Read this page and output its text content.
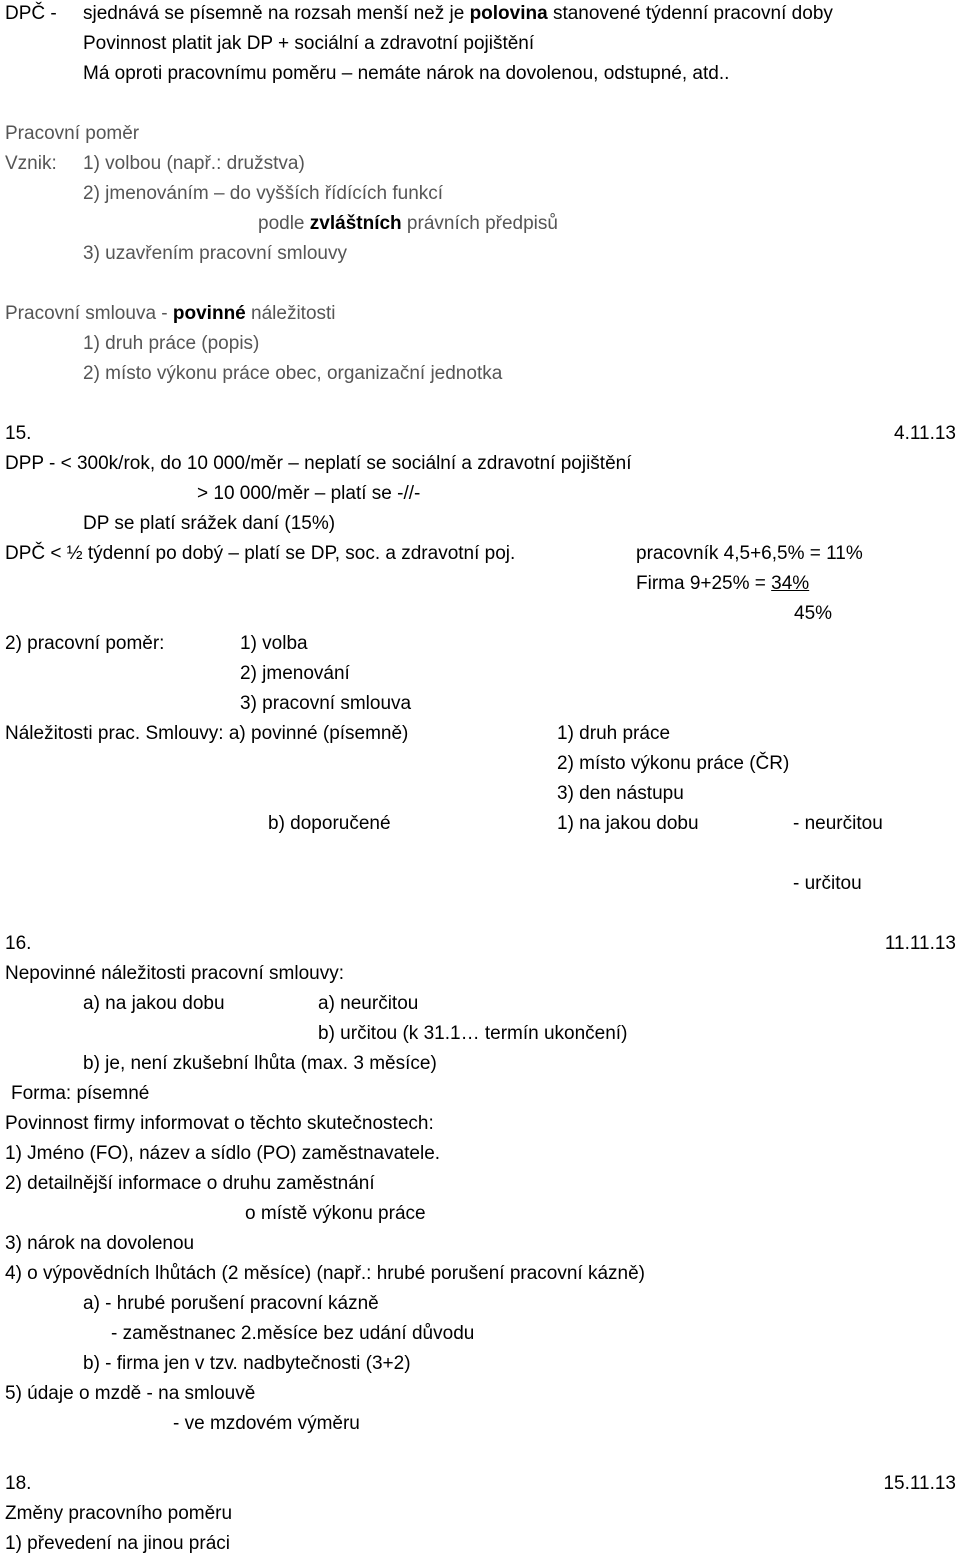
DPČ - sjednává se písemně na rozsah menší než je polovina stanovené týdenní pracovní doby
Povinnost platit jak DP + sociální a zdravotní pojištění
Má oproti pracovnímu poměru – nemáte nárok na dovolenou, odstupné, atd..
Pracovní poměr
Vznik: 1) volbou (např.: družstva)
2) jmenováním – do vyšších řídících funkcí
podle zvláštních právních předpisů
3) uzavřením pracovní smlouvy
Pracovní smlouva - povinné náležitosti
1) druh práce (popis)
2) místo výkonu práce obec, organizační jednotka
15.	4.11.13
DPP - < 300k/rok, do 10 000/měr – neplatí se sociální a zdravotní pojištění
> 10 000/měr – platí se -//-
DP se platí srážek daní (15%)
DPČ < ½ týdenní po dobý – platí se DP, soc. a zdravotní poj.	pracovník 4,5+6,5% = 11%
Firma 9+25% = 34%
45%
2) pracovní poměr:	1) volba
2) jmenování
3) pracovní smlouva
Náležitosti prac. Smlouvy: a) povinné (písemně)	1) druh práce
2) místo výkonu práce (ČR)
3) den nástupu
b) doporučené	1) na jakou dobu	- neurčitou
- určitou
16.	11.11.13
Nepovinné náležitosti pracovní smlouvy:
a) na jakou dobu	a) neurčitou
b) určitou (k 31.1… termín ukončení)
b) je, není zkušební lhůta (max. 3 měsíce)
Forma: písemné
Povinnost firmy informovat o těchto skutečnostech:
1) Jméno (FO), název a sídlo (PO) zaměstnavatele.
2) detailnější informace o druhu zaměstnání
o místě výkonu práce
3) nárok na dovolenou
4) o výpovědních lhůtách (2 měsíce) (např.: hrubé porušení pracovní kázně)
a) - hrubé porušení pracovní kázně
- zaměstnanec 2.měsíce bez udání důvodu
b) - firma jen v tzv. nadbytečnosti (3+2)
5) údaje o mzdě - na smlouvě
- ve mzdovém výměru
18.	15.11.13
Změny pracovního poměru
1) převedení na jinou práci
